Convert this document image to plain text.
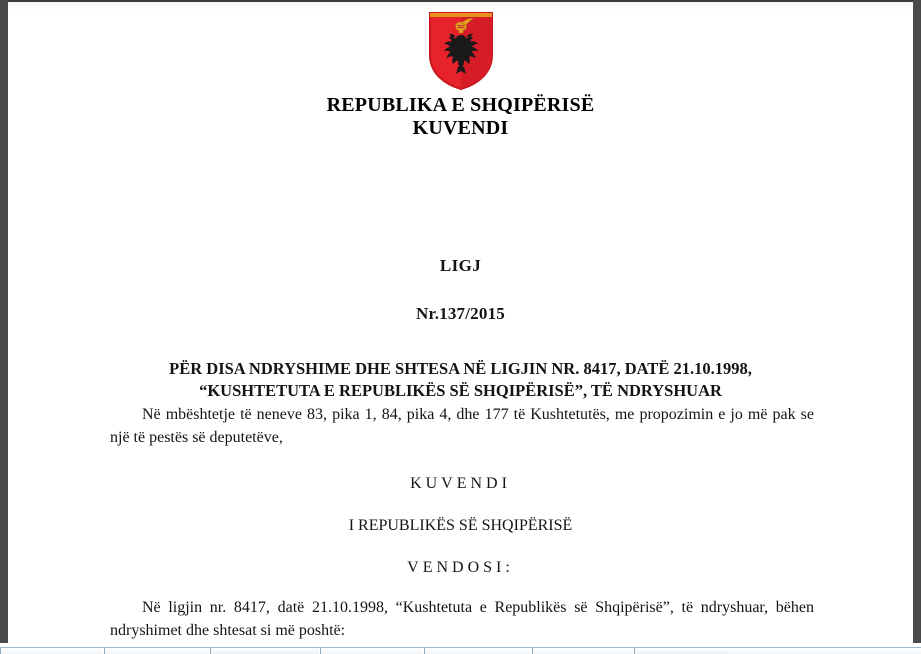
REPUBLIKA E SHQIPËRISË
KUVENDI
LIGJ
Nr.137/2015
PËR DISA NDRYSHIME DHE SHTESA NË LIGJIN NR. 8417, DATË 21.10.1998,
“KUSHTETUTA E REPUBLIKËS SË SHQIPËRISË”, TË NDRYSHUAR
Në mbështetje të neneve 83, pika 1, 84, pika 4, dhe 177 të Kushtetutës, me propozimin e jo më pak se një të pestës së deputetëve,
KUVENDI
I REPUBLIKËS SË SHQIPËRISË
VENDOSI:
Në ligjin nr. 8417, datë 21.10.1998, “Kushtetuta e Republikës së Shqipërisë”, të ndryshuar, bëhen ndryshimet dhe shtesat si më poshtë:
